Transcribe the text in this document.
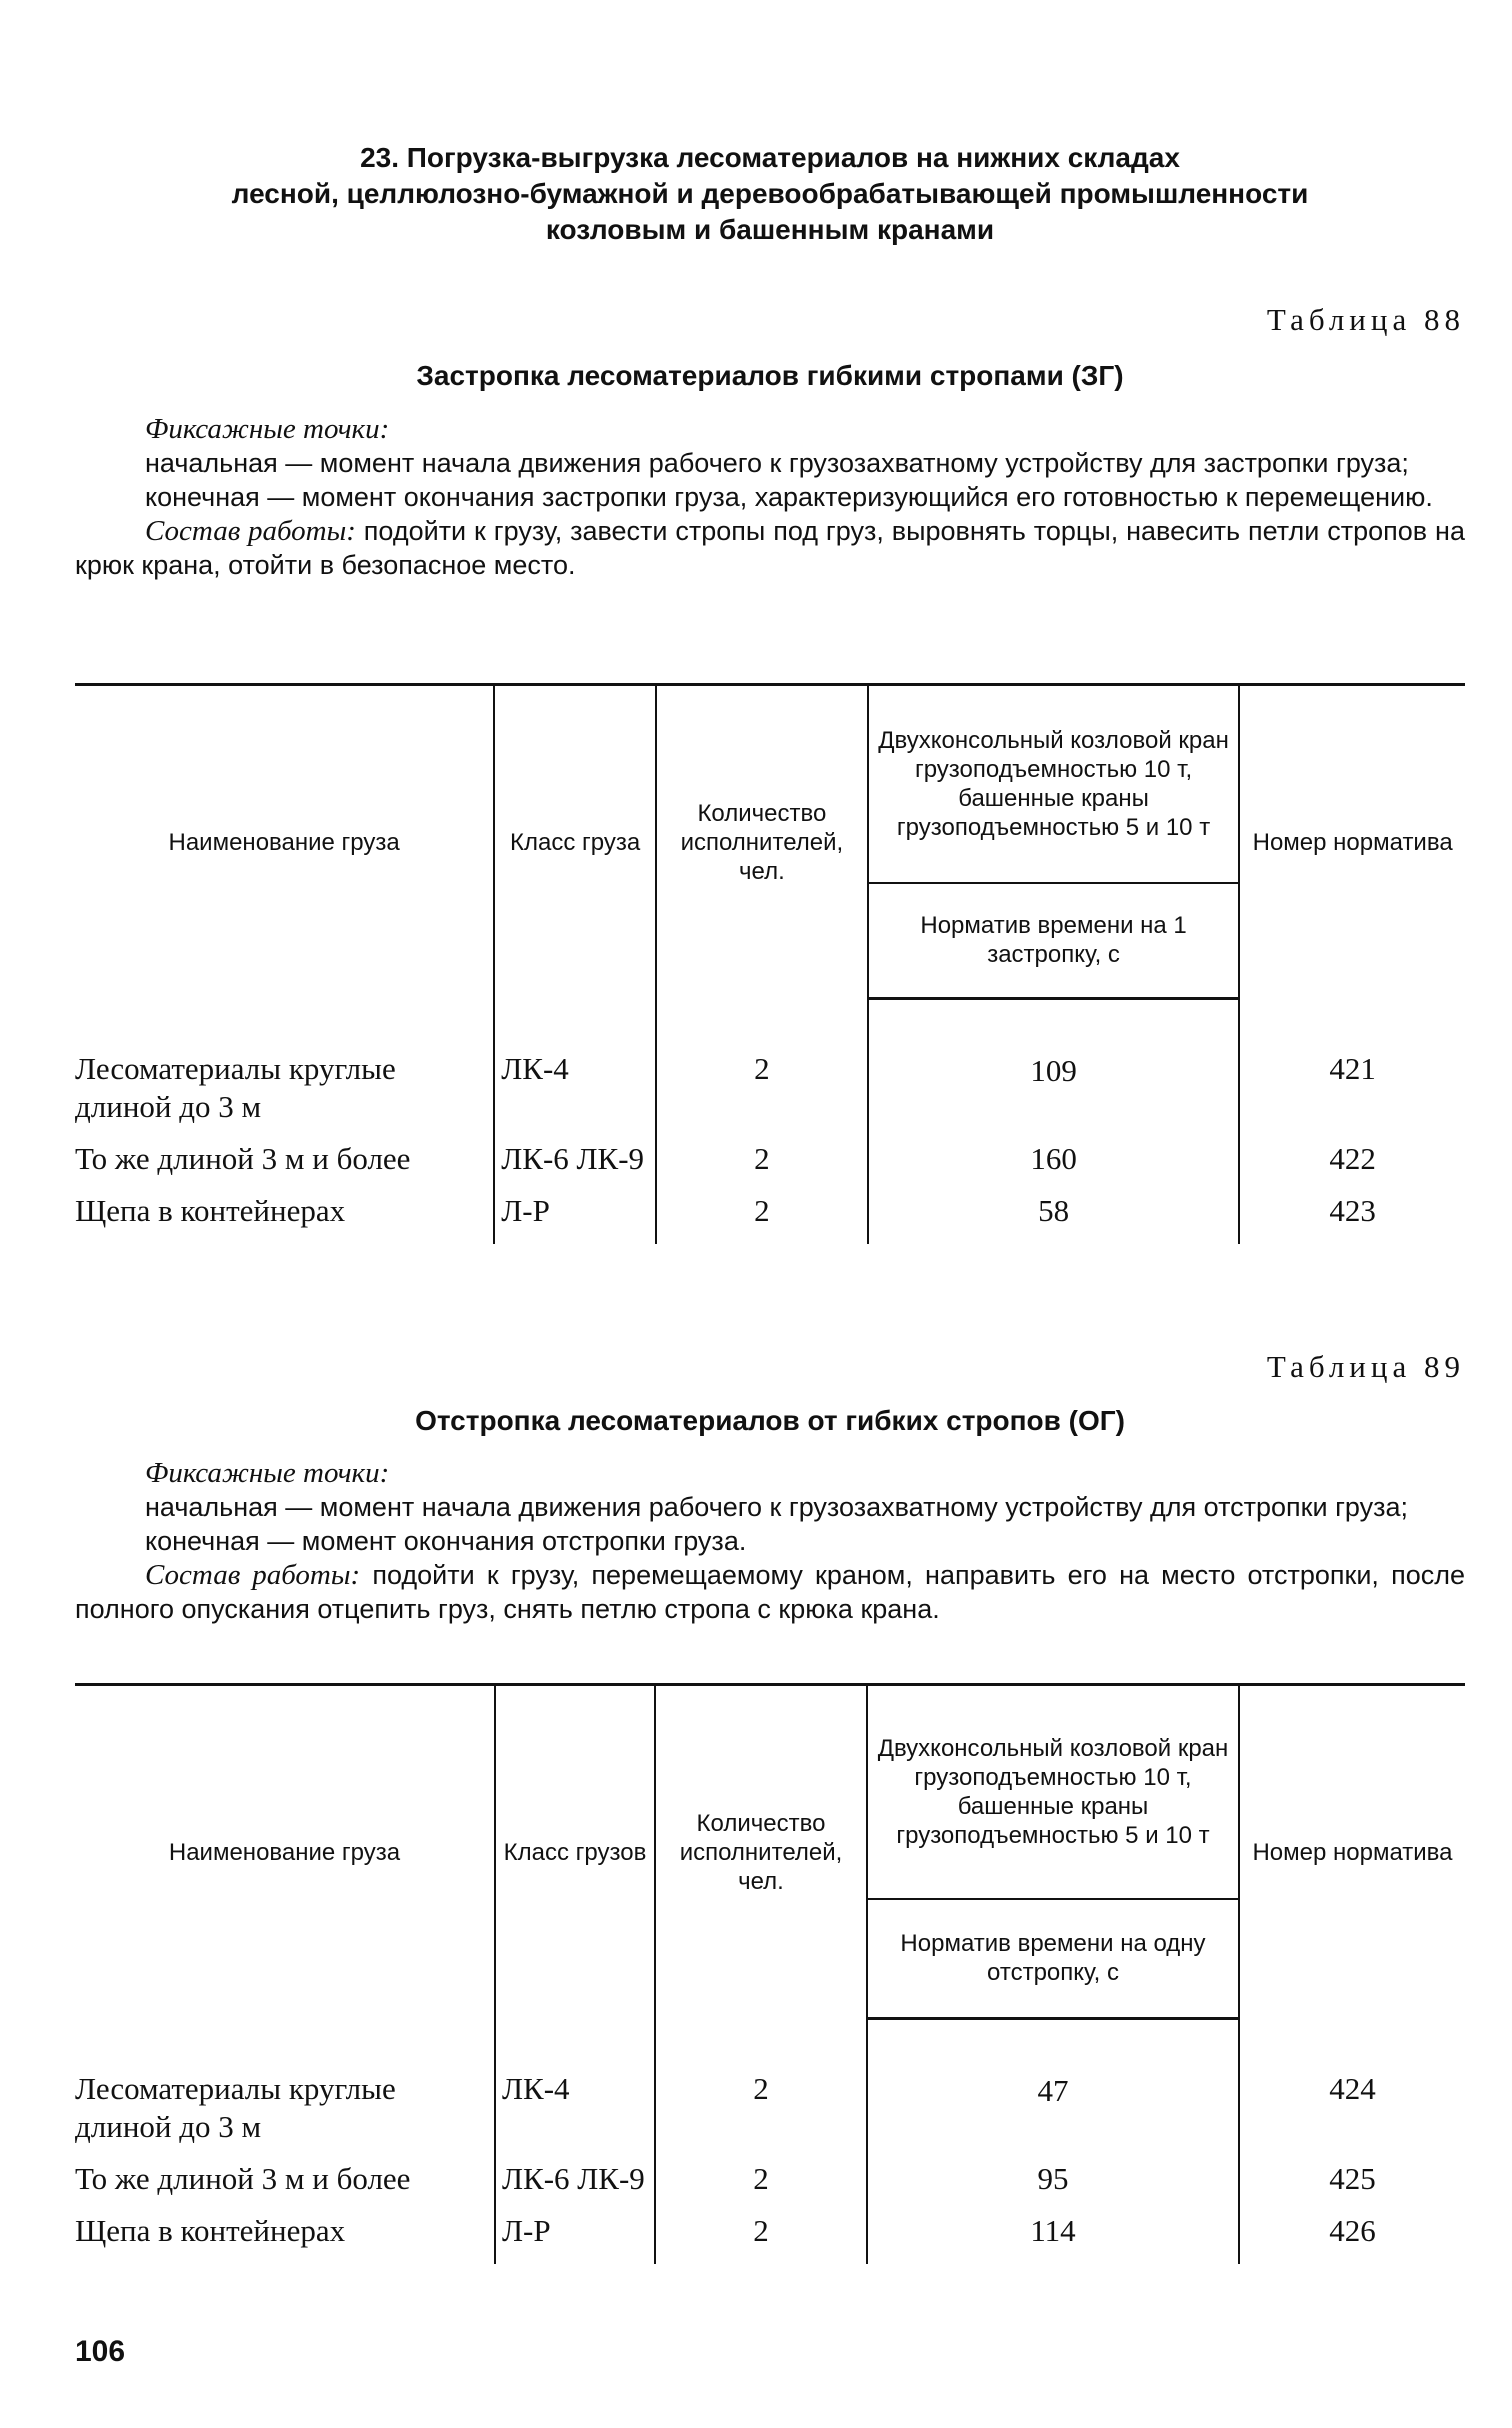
23. Погрузка-выгрузка лесоматериалов на нижних складах
лесной, целлюлозно-бумажной и деревообрабатывающей промышленности
козловым и башенным кранами
Таблица 88
Застропка лесоматериалов гибкими стропами (ЗГ)

Фиксажные точки:

начальная — момент начала движения рабочего к грузозахватному устройству для застропки груза;

конечная — момент окончания застропки груза, характеризующийся его готовностью к перемещению.

Состав работы: подойти к грузу, завести стропы под груз, выровнять торцы, навесить петли стропов на крюк крана, отойти в безопасное место.

Наименование груза	Класс груза	Количество исполнителей, чел.	Двухконсольный козловой кран грузоподъемностью 10 т, башенные краны грузоподъемностью 5 и 10 т	Номер норматива
			Норматив времени на 1 застропку, с	
Лесоматериалы круглые длиной до 3 м	ЛК-4	2	109	421
То же длиной 3 м и более	ЛК-6 ЛК-9	2	160	422
Щепа в контейнерах	Л-Р	2	58	423
Таблица 89
Отстропка лесоматериалов от гибких стропов (ОГ)

Фиксажные точки:

начальная — момент начала движения рабочего к грузозахватному устройству для отстропки груза;

конечная — момент окончания отстропки груза.

Состав работы: подойти к грузу, перемещаемому краном, направить его на место отстропки, после полного опускания отцепить груз, снять петлю стропа с крюка крана.

Наименование груза	Класс грузов	Количество исполнителей, чел.	Двухконсольный козловой кран грузоподъемностью 10 т, башенные краны грузоподъемностью 5 и 10 т	Номер норматива
			Норматив времени на одну отстропку, с	
Лесоматериалы круглые длиной до 3 м	ЛК-4	2	47	424
То же длиной 3 м и более	ЛК-6 ЛК-9	2	95	425
Щепа в контейнерах	Л-Р	2	114	426
106
